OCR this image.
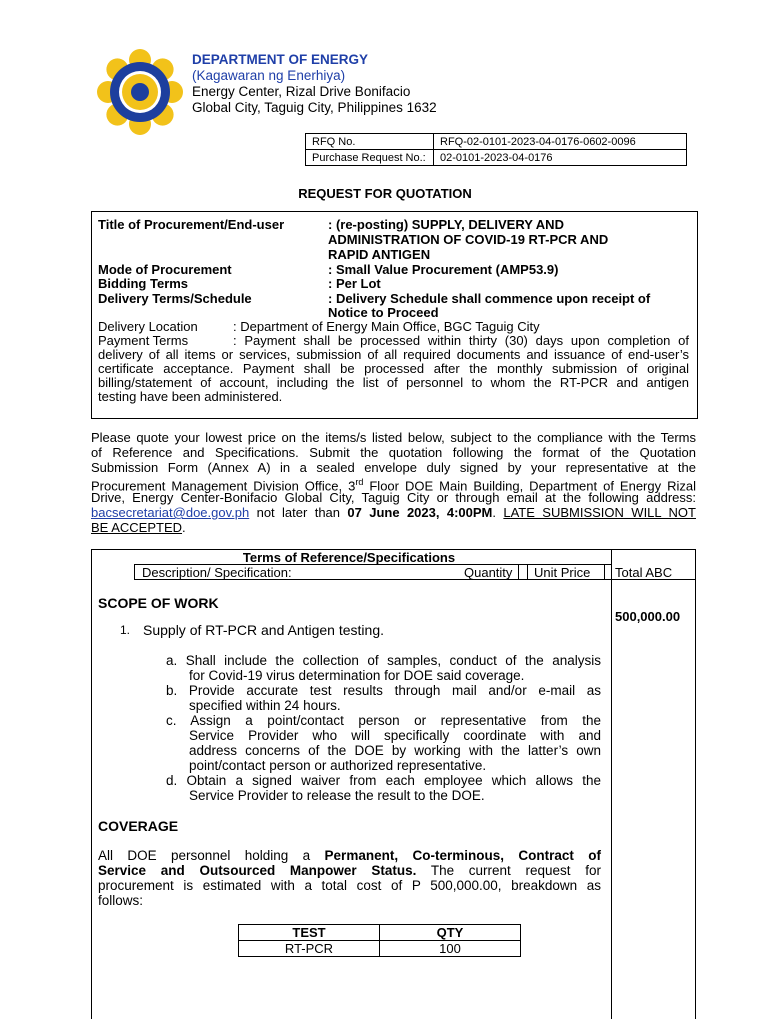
DEPARTMENT OF ENERGY
(Kagawaran ng Enerhiya)
Energy Center, Rizal Drive Bonifacio
Global City, Taguig City, Philippines 1632
RFQ No.	RFQ-02-0101-2023-04-0176-0602-0096
Purchase Request No.:	02-0101-2023-04-0176
REQUEST FOR QUOTATION
Title of Procurement/End-user	: (re-posting) SUPPLY, DELIVERY AND
ADMINISTRATION OF COVID-19 RT-PCR AND
RAPID ANTIGEN
Mode of Procurement	: Small Value Procurement (AMP53.9)
Bidding Terms	: Per Lot
Delivery Terms/Schedule	: Delivery Schedule shall commence upon receipt of
Notice to Proceed
Delivery Location	: Department of Energy Main Office, BGC Taguig City
Payment Terms	: Payment shall be processed within thirty (30) days upon completion of
delivery of all items or services, submission of all required documents and issuance of end-user’s
certificate acceptance. Payment shall be processed after the monthly submission of original
billing/statement of account, including the list of personnel to whom the RT-PCR and antigen
testing have been administered.
Please quote your lowest price on the items/s listed below, subject to the compliance with the Terms
of Reference and Specifications. Submit the quotation following the format of the Quotation
Submission Form (Annex A) in a sealed envelope duly signed by your representative at the
Procurement Management Division Office, 3rd Floor DOE Main Building, Department of Energy Rizal
Drive, Energy Center-Bonifacio Global City, Taguig City or through email at the following address:
bacsecretariat@doe.gov.ph not later than 07 June 2023, 4:00PM. LATE SUBMISSION WILL NOT
BE ACCEPTED.
Terms of Reference/Specifications
Description/ Specification:	Quantity Unit Price Total ABC
500,000.00
SCOPE OF WORK
1. Supply of RT-PCR and Antigen testing.
a. Shall include the collection of samples, conduct of the analysis
for Covid-19 virus determination for DOE said coverage.
b. Provide accurate test results through mail and/or e-mail as
specified within 24 hours.
c. Assign a point/contact person or representative from the
Service Provider who will specifically coordinate with and
address concerns of the DOE by working with the latter’s own
point/contact person or authorized representative.
d. Obtain a signed waiver from each employee which allows the
Service Provider to release the result to the DOE.
COVERAGE
All DOE personnel holding a Permanent, Co-terminous, Contract of
Service and Outsourced Manpower Status. The current request for
procurement is estimated with a total cost of P 500,000.00, breakdown as
follows:
TEST	QTY
RT-PCR	100
